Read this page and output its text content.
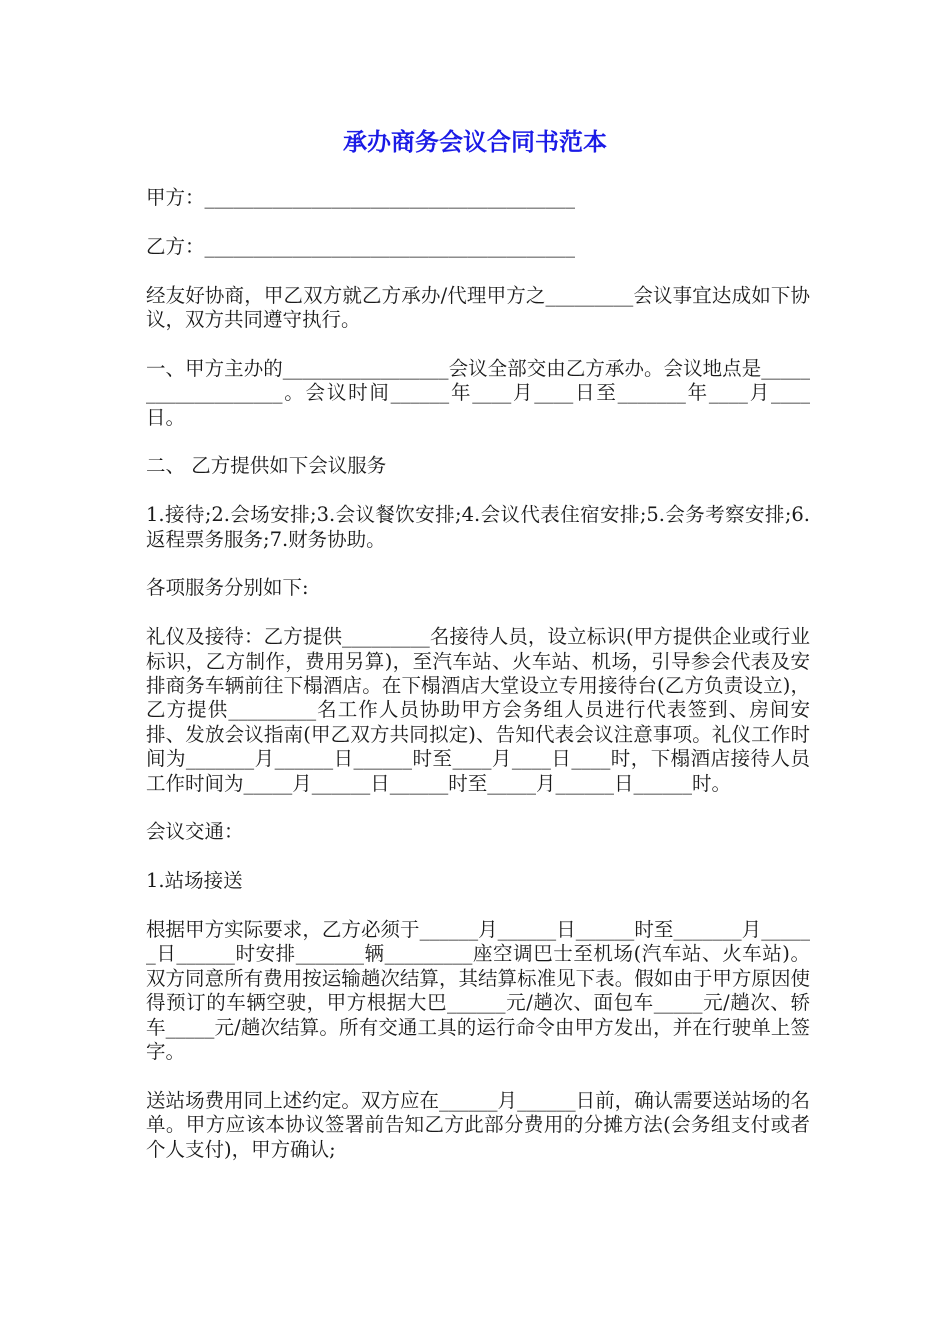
承办商务会议合同书范本

甲方：______________________________________

乙方：______________________________________

经友好协商，甲乙双方就乙方承办/代理甲方之_________会议事宜达成如下协议，双方共同遵守执行。

一、甲方主办的_________________会议全部交由乙方承办。会议地点是___________________。会议时间______年____月____日至_______年____月____日。

二、 乙方提供如下会议服务

1.接待;2.会场安排;3.会议餐饮安排;4.会议代表住宿安排;5.会务考察安排;6.返程票务服务;7.财务协助。

各项服务分别如下:

礼仪及接待：乙方提供_________名接待人员，设立标识(甲方提供企业或行业标识，乙方制作，费用另算)，至汽车站、火车站、机场，引导参会代表及安排商务车辆前往下榻酒店。在下榻酒店大堂设立专用接待台(乙方负责设立)，乙方提供_________名工作人员协助甲方会务组人员进行代表签到、房间安排、发放会议指南(甲乙双方共同拟定)、告知代表会议注意事项。礼仪工作时间为_______月______日______时至____月____日____时，下榻酒店接待人员工作时间为_____月______日______时至_____月______日______时。

会议交通：

1.站场接送

根据甲方实际要求，乙方必须于______月______日______时至_______月______日______时安排_______辆_________座空调巴士至机场(汽车站、火车站)。双方同意所有费用按运输趟次结算，其结算标准见下表。假如由于甲方原因使得预订的车辆空驶，甲方根据大巴______元/趟次、面包车_____元/趟次、轿车_____元/趟次结算。所有交通工具的运行命令由甲方发出，并在行驶单上签字。

送站场费用同上述约定。双方应在______月______日前，确认需要送站场的名单。甲方应该本协议签署前告知乙方此部分费用的分摊方法(会务组支付或者个人支付)，甲方确认;
